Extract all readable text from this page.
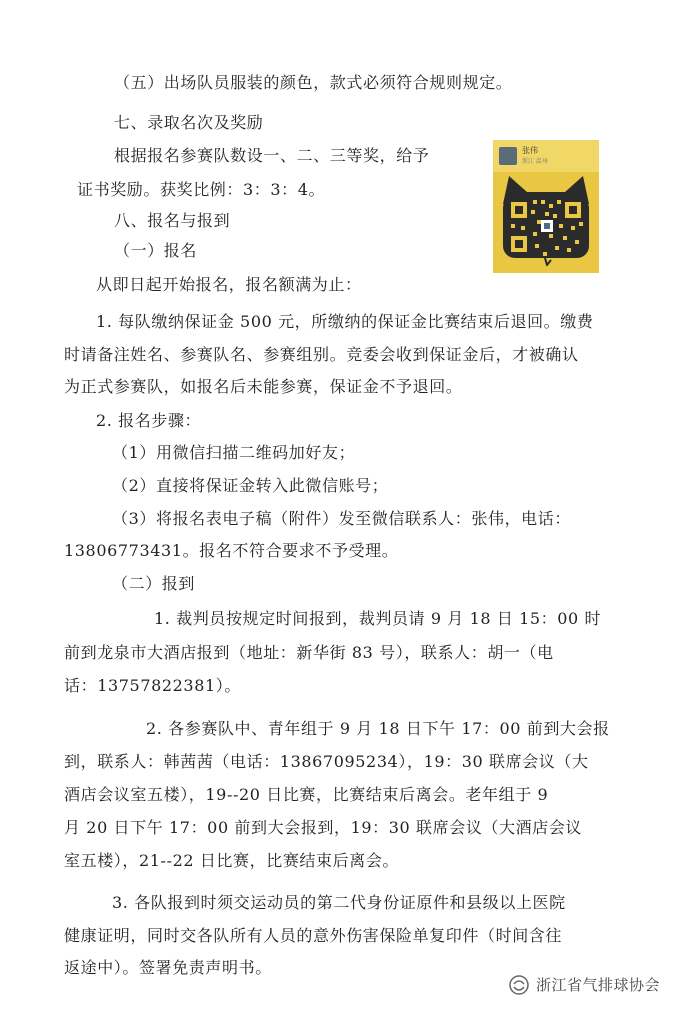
（五）出场队员服装的颜色，款式必须符合规则规定。
七、录取名次及奖励
根据报名参赛队数设一、二、三等奖，给予
证书奖励。获奖比例：3：3：4。
八、报名与报到
（一）报名
从即日起开始报名，报名额满为止：
1. 每队缴纳保证金 500 元，所缴纳的保证金比赛结束后退回。缴费
时请备注姓名、参赛队名、参赛组别。竞委会收到保证金后，才被确认
为正式参赛队，如报名后未能参赛，保证金不予退回。
2. 报名步骤：
（1）用微信扫描二维码加好友；
（2）直接将保证金转入此微信账号；
（3）将报名表电子稿（附件）发至微信联系人：张伟，电话：
13806773431。报名不符合要求不予受理。
（二）报到
1. 裁判员按规定时间报到，裁判员请 9 月 18 日 15：00 时
前到龙泉市大酒店报到（地址：新华街 83 号），联系人：胡一（电
话：13757822381）。
2. 各参赛队中、青年组于 9 月 18 日下午 17：00 前到大会报
到，联系人：韩茜茜（电话：13867095234），19：30 联席会议（大
酒店会议室五楼），19--20 日比赛，比赛结束后离会。老年组于 9
月 20 日下午 17：00 前到大会报到，19：30 联席会议（大酒店会议
室五楼），21--22 日比赛，比赛结束后离会。
3. 各队报到时须交运动员的第二代身份证原件和县级以上医院
健康证明，同时交各队所有人员的意外伤害保险单复印件（时间含往
返途中）。签署免责声明书。
张伟
浙江 温州
浙江省气排球协会
